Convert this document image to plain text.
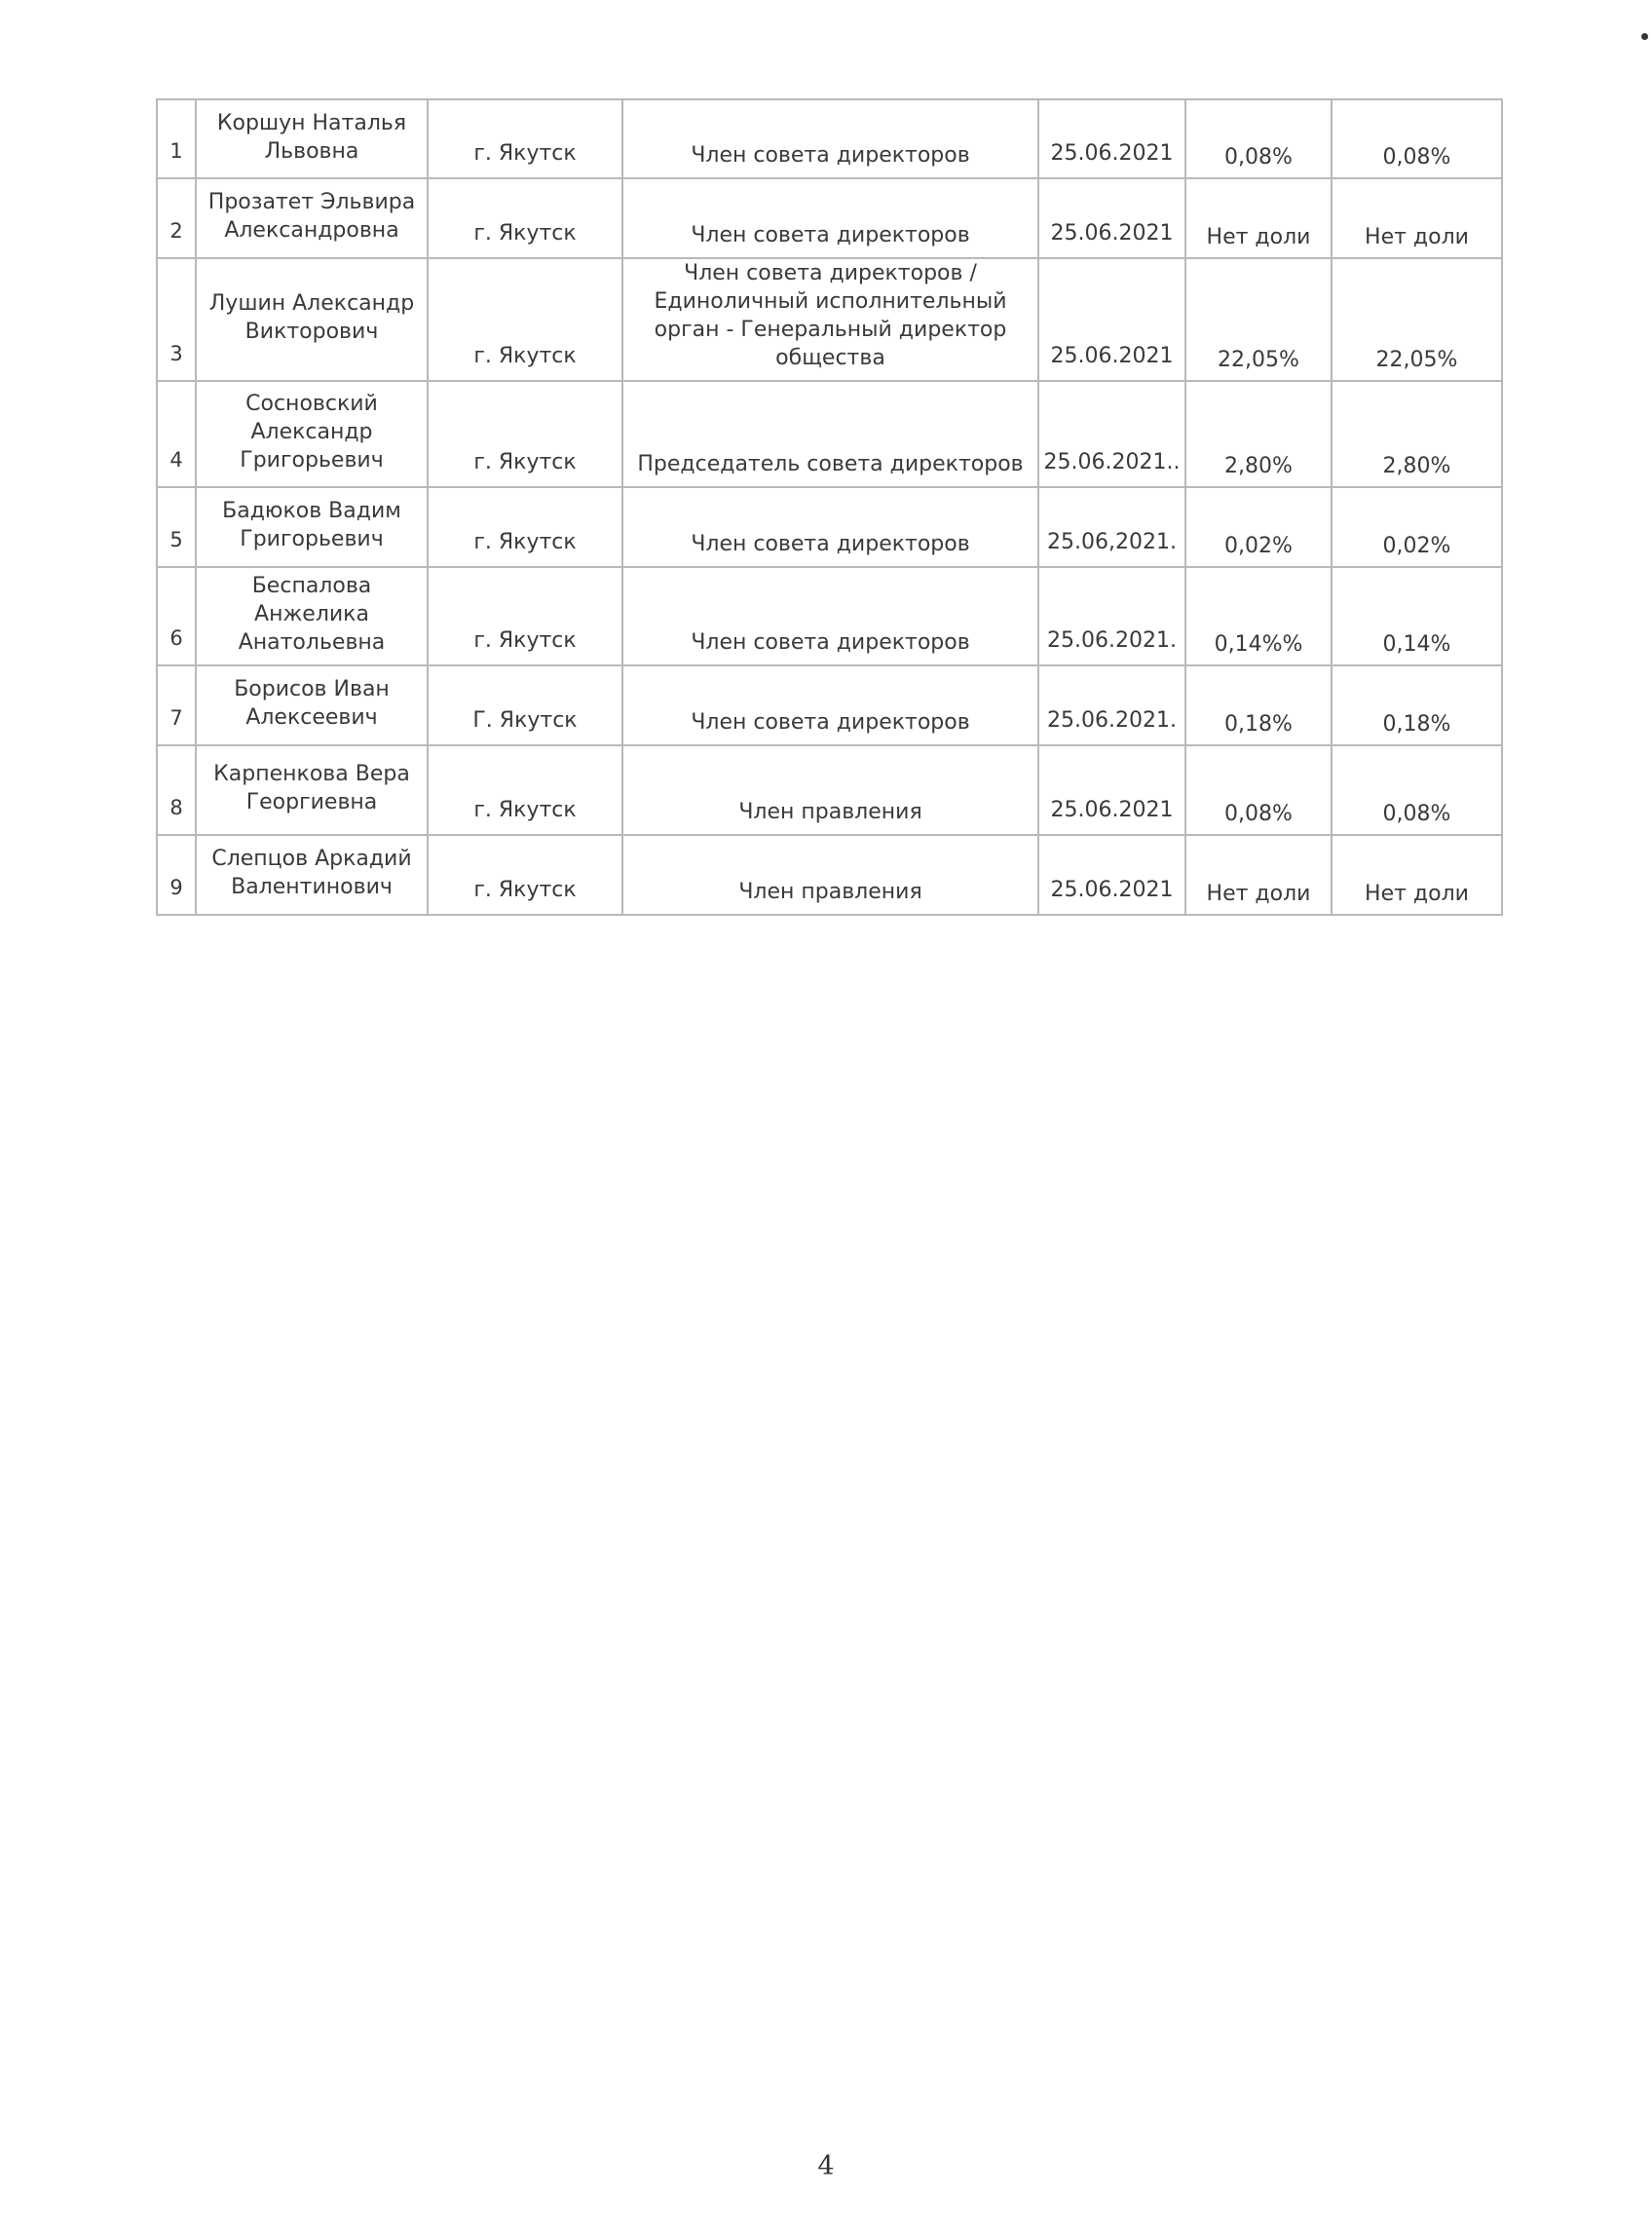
1	Коршун Наталья Львовна	г. Якутск	Член совета директоров	25.06.2021	0,08%	0,08%
2	Прозатет Эльвира Александровна	г. Якутск	Член совета директоров	25.06.2021	Нет доли	Нет доли
3	Лушин Александр Викторович	г. Якутск	Член совета директоров / Единоличный исполнительный орган - Генеральный директор общества	25.06.2021	22,05%	22,05%
4	Сосновский Александр Григорьевич	г. Якутск	Председатель совета директоров	25.06.2021..	2,80%	2,80%
5	Бадюков Вадим Григорьевич	г. Якутск	Член совета директоров	25.06,2021.	0,02%	0,02%
6	Беспалова Анжелика Анатольевна	г. Якутск	Член совета директоров	25.06.2021.	0,14%%	0,14%
7	Борисов Иван Алексеевич	Г. Якутск	Член совета директоров	25.06.2021.	0,18%	0,18%
8	Карпенкова Вера Георгиевна	г. Якутск	Член правления	25.06.2021	0,08%	0,08%
9	Слепцов Аркадий Валентинович	г. Якутск	Член правления	25.06.2021	Нет доли	Нет доли
4
